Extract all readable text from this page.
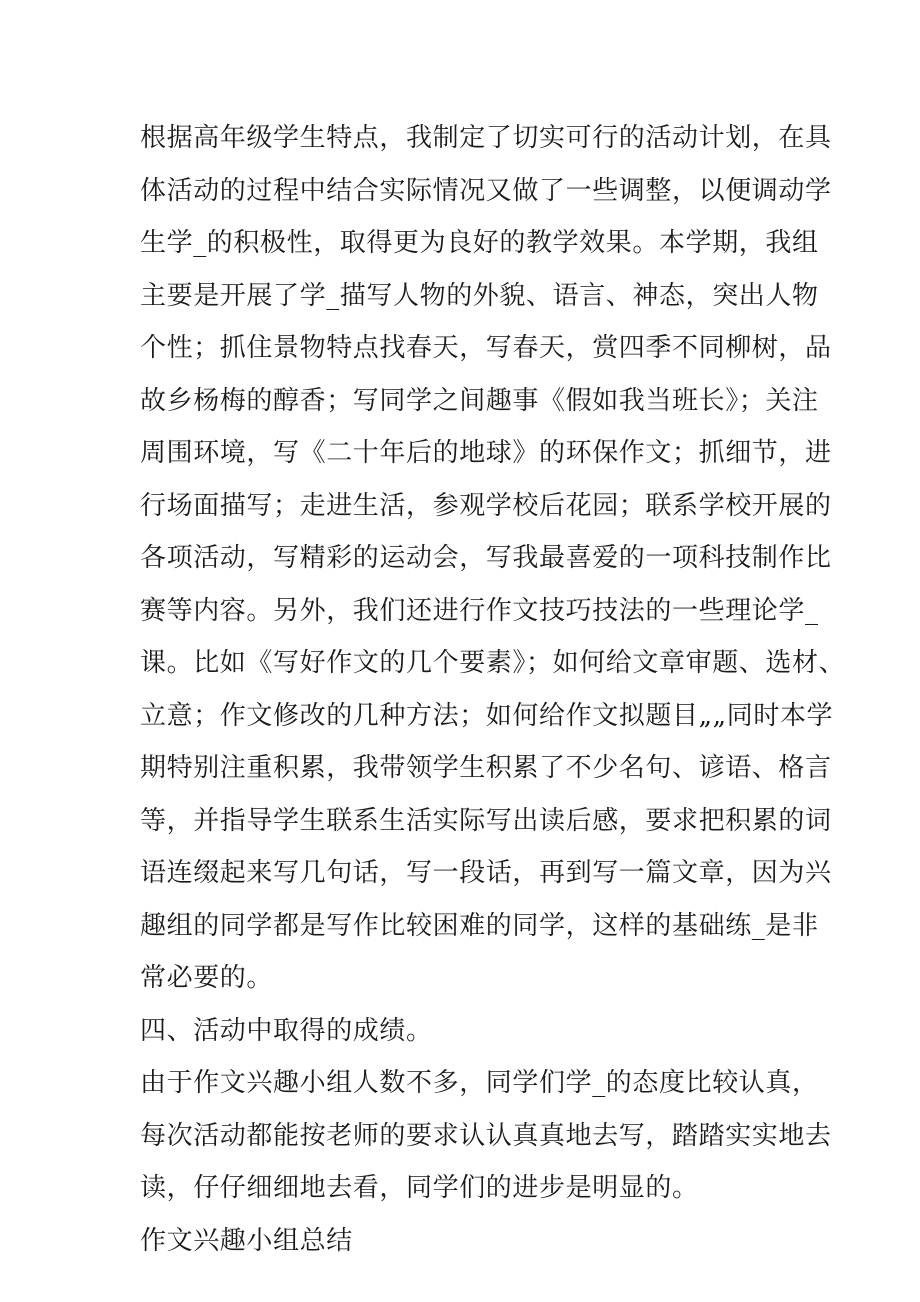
根据高年级学生特点，我制定了切实可行的活动计划，在具
体活动的过程中结合实际情况又做了一些调整，以便调动学
生学_的积极性，取得更为良好的教学效果。本学期，我组
主要是开展了学_描写人物的外貌、语言、神态，突出人物
个性；抓住景物特点找春天，写春天，赏四季不同柳树，品
故乡杨梅的醇香；写同学之间趣事《假如我当班长》；关注
周围环境，写《二十年后的地球》的环保作文；抓细节，进
行场面描写；走进生活，参观学校后花园；联系学校开展的
各项活动，写精彩的运动会，写我最喜爱的一项科技制作比
赛等内容。另外，我们还进行作文技巧技法的一些理论学_
课。比如《写好作文的几个要素》；如何给文章审题、选材、
立意；作文修改的几种方法；如何给作文拟题目„„同时本学
期特别注重积累，我带领学生积累了不少名句、谚语、格言
等，并指导学生联系生活实际写出读后感，要求把积累的词
语连缀起来写几句话，写一段话，再到写一篇文章，因为兴
趣组的同学都是写作比较困难的同学，这样的基础练_是非
常必要的。
四、活动中取得的成绩。
由于作文兴趣小组人数不多，同学们学_的态度比较认真，
每次活动都能按老师的要求认认真真地去写，踏踏实实地去
读，仔仔细细地去看，同学们的进步是明显的。
作文兴趣小组总结
